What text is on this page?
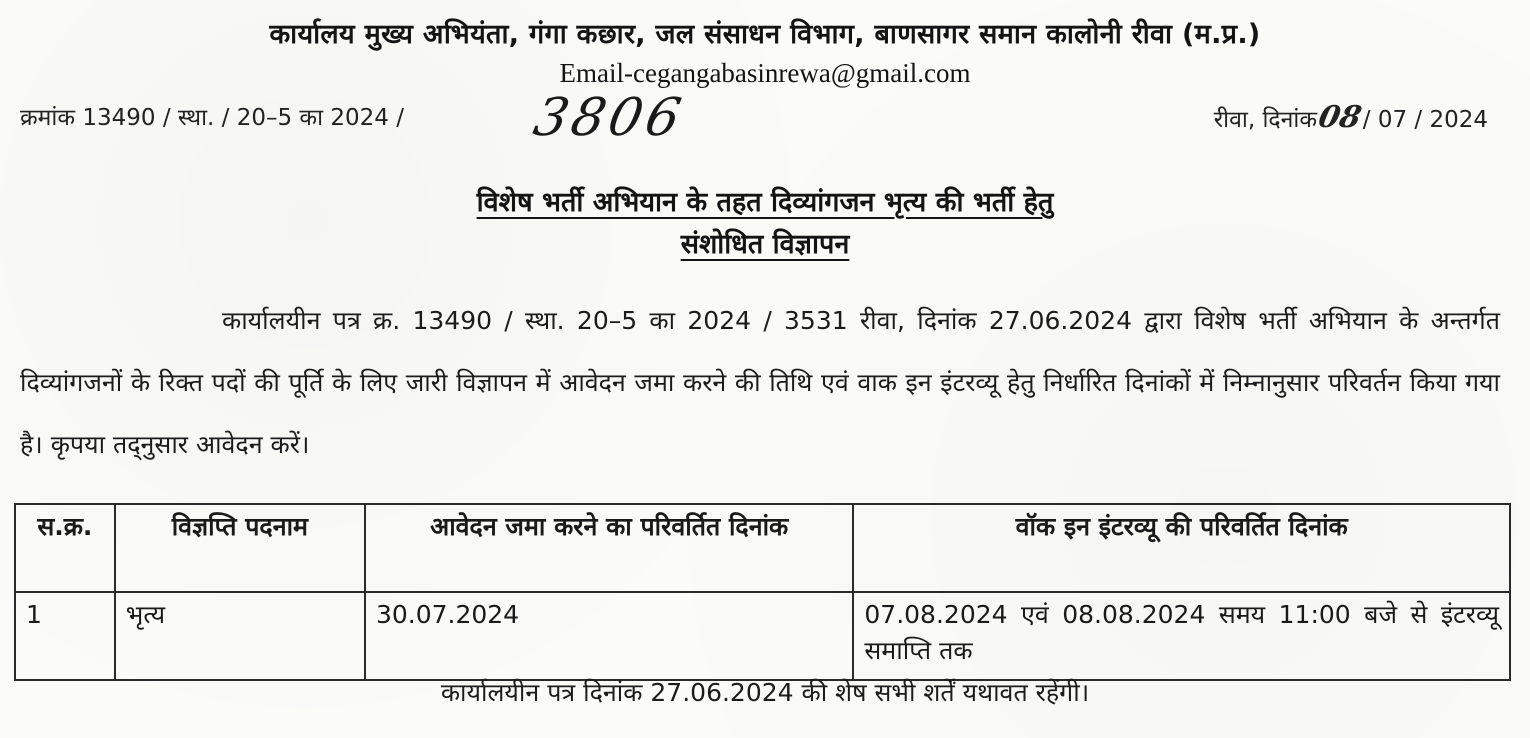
कार्यालय मुख्य अभियंता, गंगा कछार, जल संसाधन विभाग, बाणसागर समान कालोनी रीवा (म.प्र.)
Email-cegangabasinrewa@gmail.com
क्रमांक 13490 / स्था. / 20–5 का 2024 / 3806	रीवा, दिनांक08/ 07 / 2024
विशेष भर्ती अभियान के तहत दिव्यांगजन भृत्य की भर्ती हेतु
संशोधित विज्ञापन
कार्यालयीन पत्र क्र. 13490 / स्था. 20–5 का 2024 / 3531 रीवा, दिनांक 27.06.2024 द्वारा विशेष भर्ती अभियान के अन्तर्गत दिव्यांगजनों के रिक्त पदों की पूर्ति के लिए जारी विज्ञापन में आवेदन जमा करने की तिथि एवं वाक इन इंटरव्यू हेतु निर्धारित दिनांकों में निम्नानुसार परिवर्तन किया गया है। कृपया तद्नुसार आवेदन करें।
स.क्र.	विज्ञप्ति पदनाम	आवेदन जमा करने का परिवर्तित दिनांक	वॉक इन इंटरव्यू की परिवर्तित दिनांक
1	भृत्य	30.07.2024	07.08.2024 एवं 08.08.2024 समय 11:00 बजे से इंटरव्यू समाप्ति तक
कार्यालयीन पत्र दिनांक 27.06.2024 की शेष सभी शर्तें यथावत रहेंगी।
